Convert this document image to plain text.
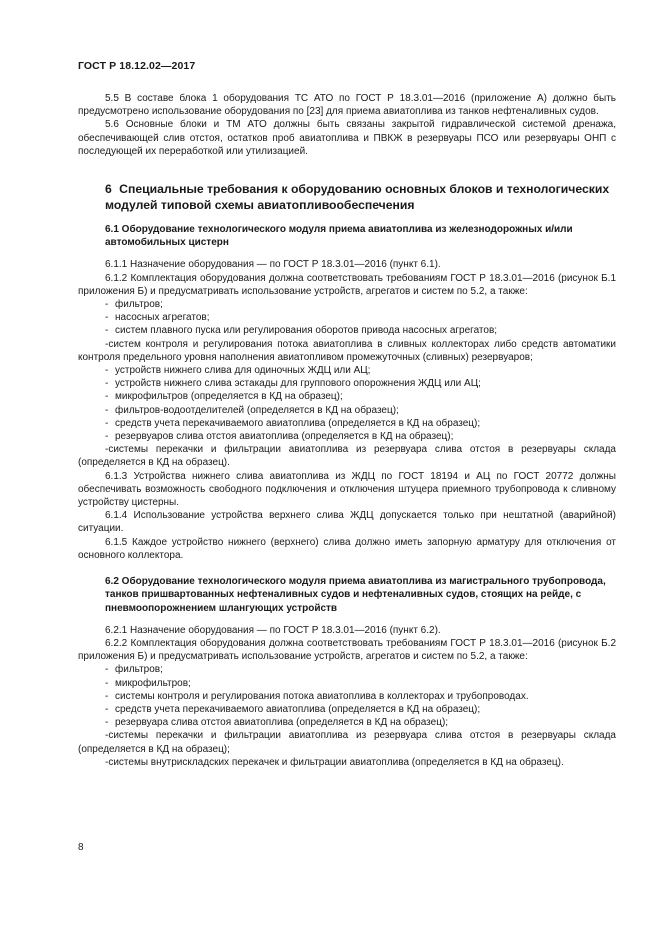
ГОСТ Р 18.12.02—2017

5.5 В составе блока 1 оборудования ТС АТО по ГОСТ Р 18.3.01—2016 (приложение А) должно быть предусмотрено использование оборудования по [23] для приема авиатоплива из танков нефтеналивных судов.

5.6 Основные блоки и ТМ АТО должны быть связаны закрытой гидравлической системой дренажа, обеспечивающей слив отстоя, остатков проб авиатоплива и ПВКЖ в резервуары ПСО или резервуары ОНП с последующей их переработкой или утилизацией.

6 Специальные требования к оборудованию основных блоков и технологических модулей типовой схемы авиатопливообеспечения

6.1 Оборудование технологического модуля приема авиатоплива из железнодорожных и/или автомобильных цистерн

6.1.1 Назначение оборудования — по ГОСТ Р 18.3.01—2016 (пункт 6.1).

6.1.2 Комплектация оборудования должна соответствовать требованиям ГОСТ Р 18.3.01—2016 (рисунок Б.1 приложения Б) и предусматривать использование устройств, агрегатов и систем по 5.2, а также:

- фильтров;

- насосных агрегатов;

- систем плавного пуска или регулирования оборотов привода насосных агрегатов;

-систем контроля и регулирования потока авиатоплива в сливных коллекторах либо средств автоматики контроля предельного уровня наполнения авиатопливом промежуточных (сливных) резервуаров;

- устройств нижнего слива для одиночных ЖДЦ или АЦ;

- устройств нижнего слива эстакады для группового опорожнения ЖДЦ или АЦ;

- микрофильтров (определяется в КД на образец);

- фильтров-водоотделителей (определяется в КД на образец);

- средств учета перекачиваемого авиатоплива (определяется в КД на образец);

- резервуаров слива отстоя авиатоплива (определяется в КД на образец);

-системы перекачки и фильтрации авиатоплива из резервуара слива отстоя в резервуары склада (определяется в КД на образец).

6.1.3 Устройства нижнего слива авиатоплива из ЖДЦ по ГОСТ 18194 и АЦ по ГОСТ 20772 должны обеспечивать возможность свободного подключения и отключения штуцера приемного трубопровода к сливному устройству цистерны.

6.1.4 Использование устройства верхнего слива ЖДЦ допускается только при нештатной (аварийной) ситуации.

6.1.5 Каждое устройство нижнего (верхнего) слива должно иметь запорную арматуру для отключения от основного коллектора.

6.2 Оборудование технологического модуля приема авиатоплива из магистрального трубопровода, танков пришвартованных нефтеналивных судов и нефтеналивных судов, стоящих на рейде, с пневмоопорожнением шлангующих устройств

6.2.1 Назначение оборудования — по ГОСТ Р 18.3.01—2016 (пункт 6.2).

6.2.2 Комплектация оборудования должна соответствовать требованиям ГОСТ Р 18.3.01—2016 (рисунок Б.2 приложения Б) и предусматривать использование устройств, агрегатов и систем по 5.2, а также:

- фильтров;

- микрофильтров;

- системы контроля и регулирования потока авиатоплива в коллекторах и трубопроводах.

- средств учета перекачиваемого авиатоплива (определяется в КД на образец);

- резервуара слива отстоя авиатоплива (определяется в КД на образец);

-системы перекачки и фильтрации авиатоплива из резервуара слива отстоя в резервуары склада (определяется в КД на образец);

-системы внутрискладских перекачек и фильтрации авиатоплива (определяется в КД на образец).

8
